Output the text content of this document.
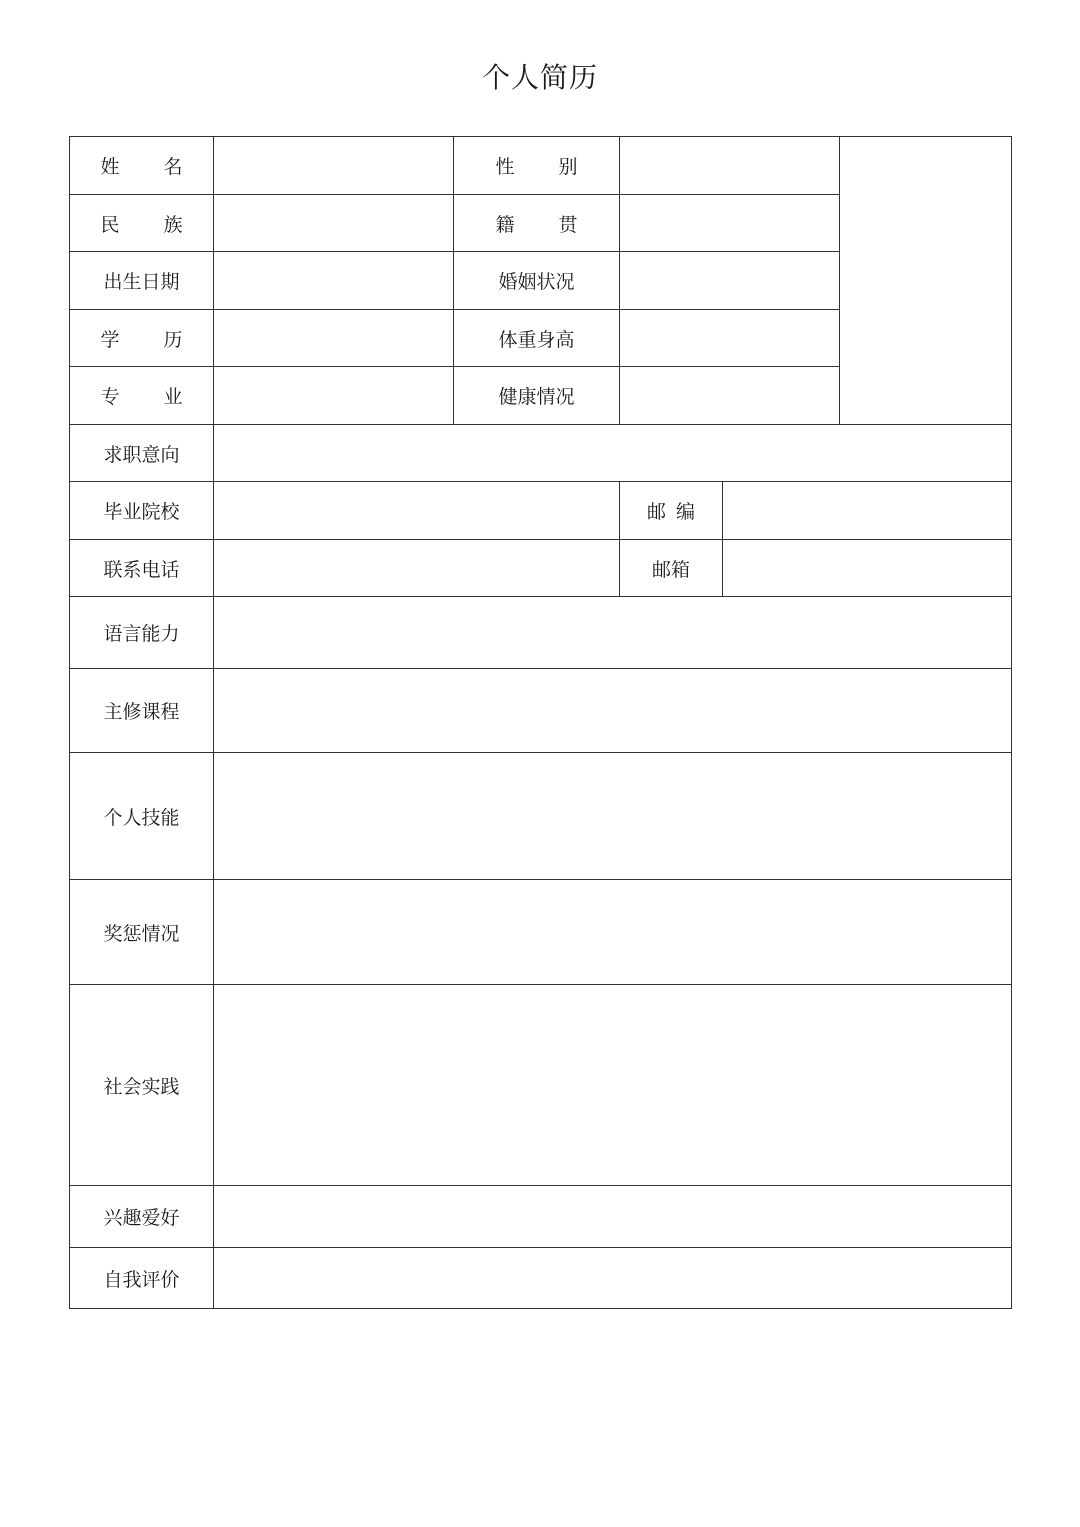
个人简历
姓 名		性 别			
民 族		籍 贯			
出生日期		婚姻状况			
学 历		体重身高			
专 业		健康情况			
求职意向					
毕业院校			邮 编		
联系电话			邮箱		
语言能力					
主修课程					
个人技能					
奖惩情况					
社会实践					
兴趣爱好					
自我评价					
